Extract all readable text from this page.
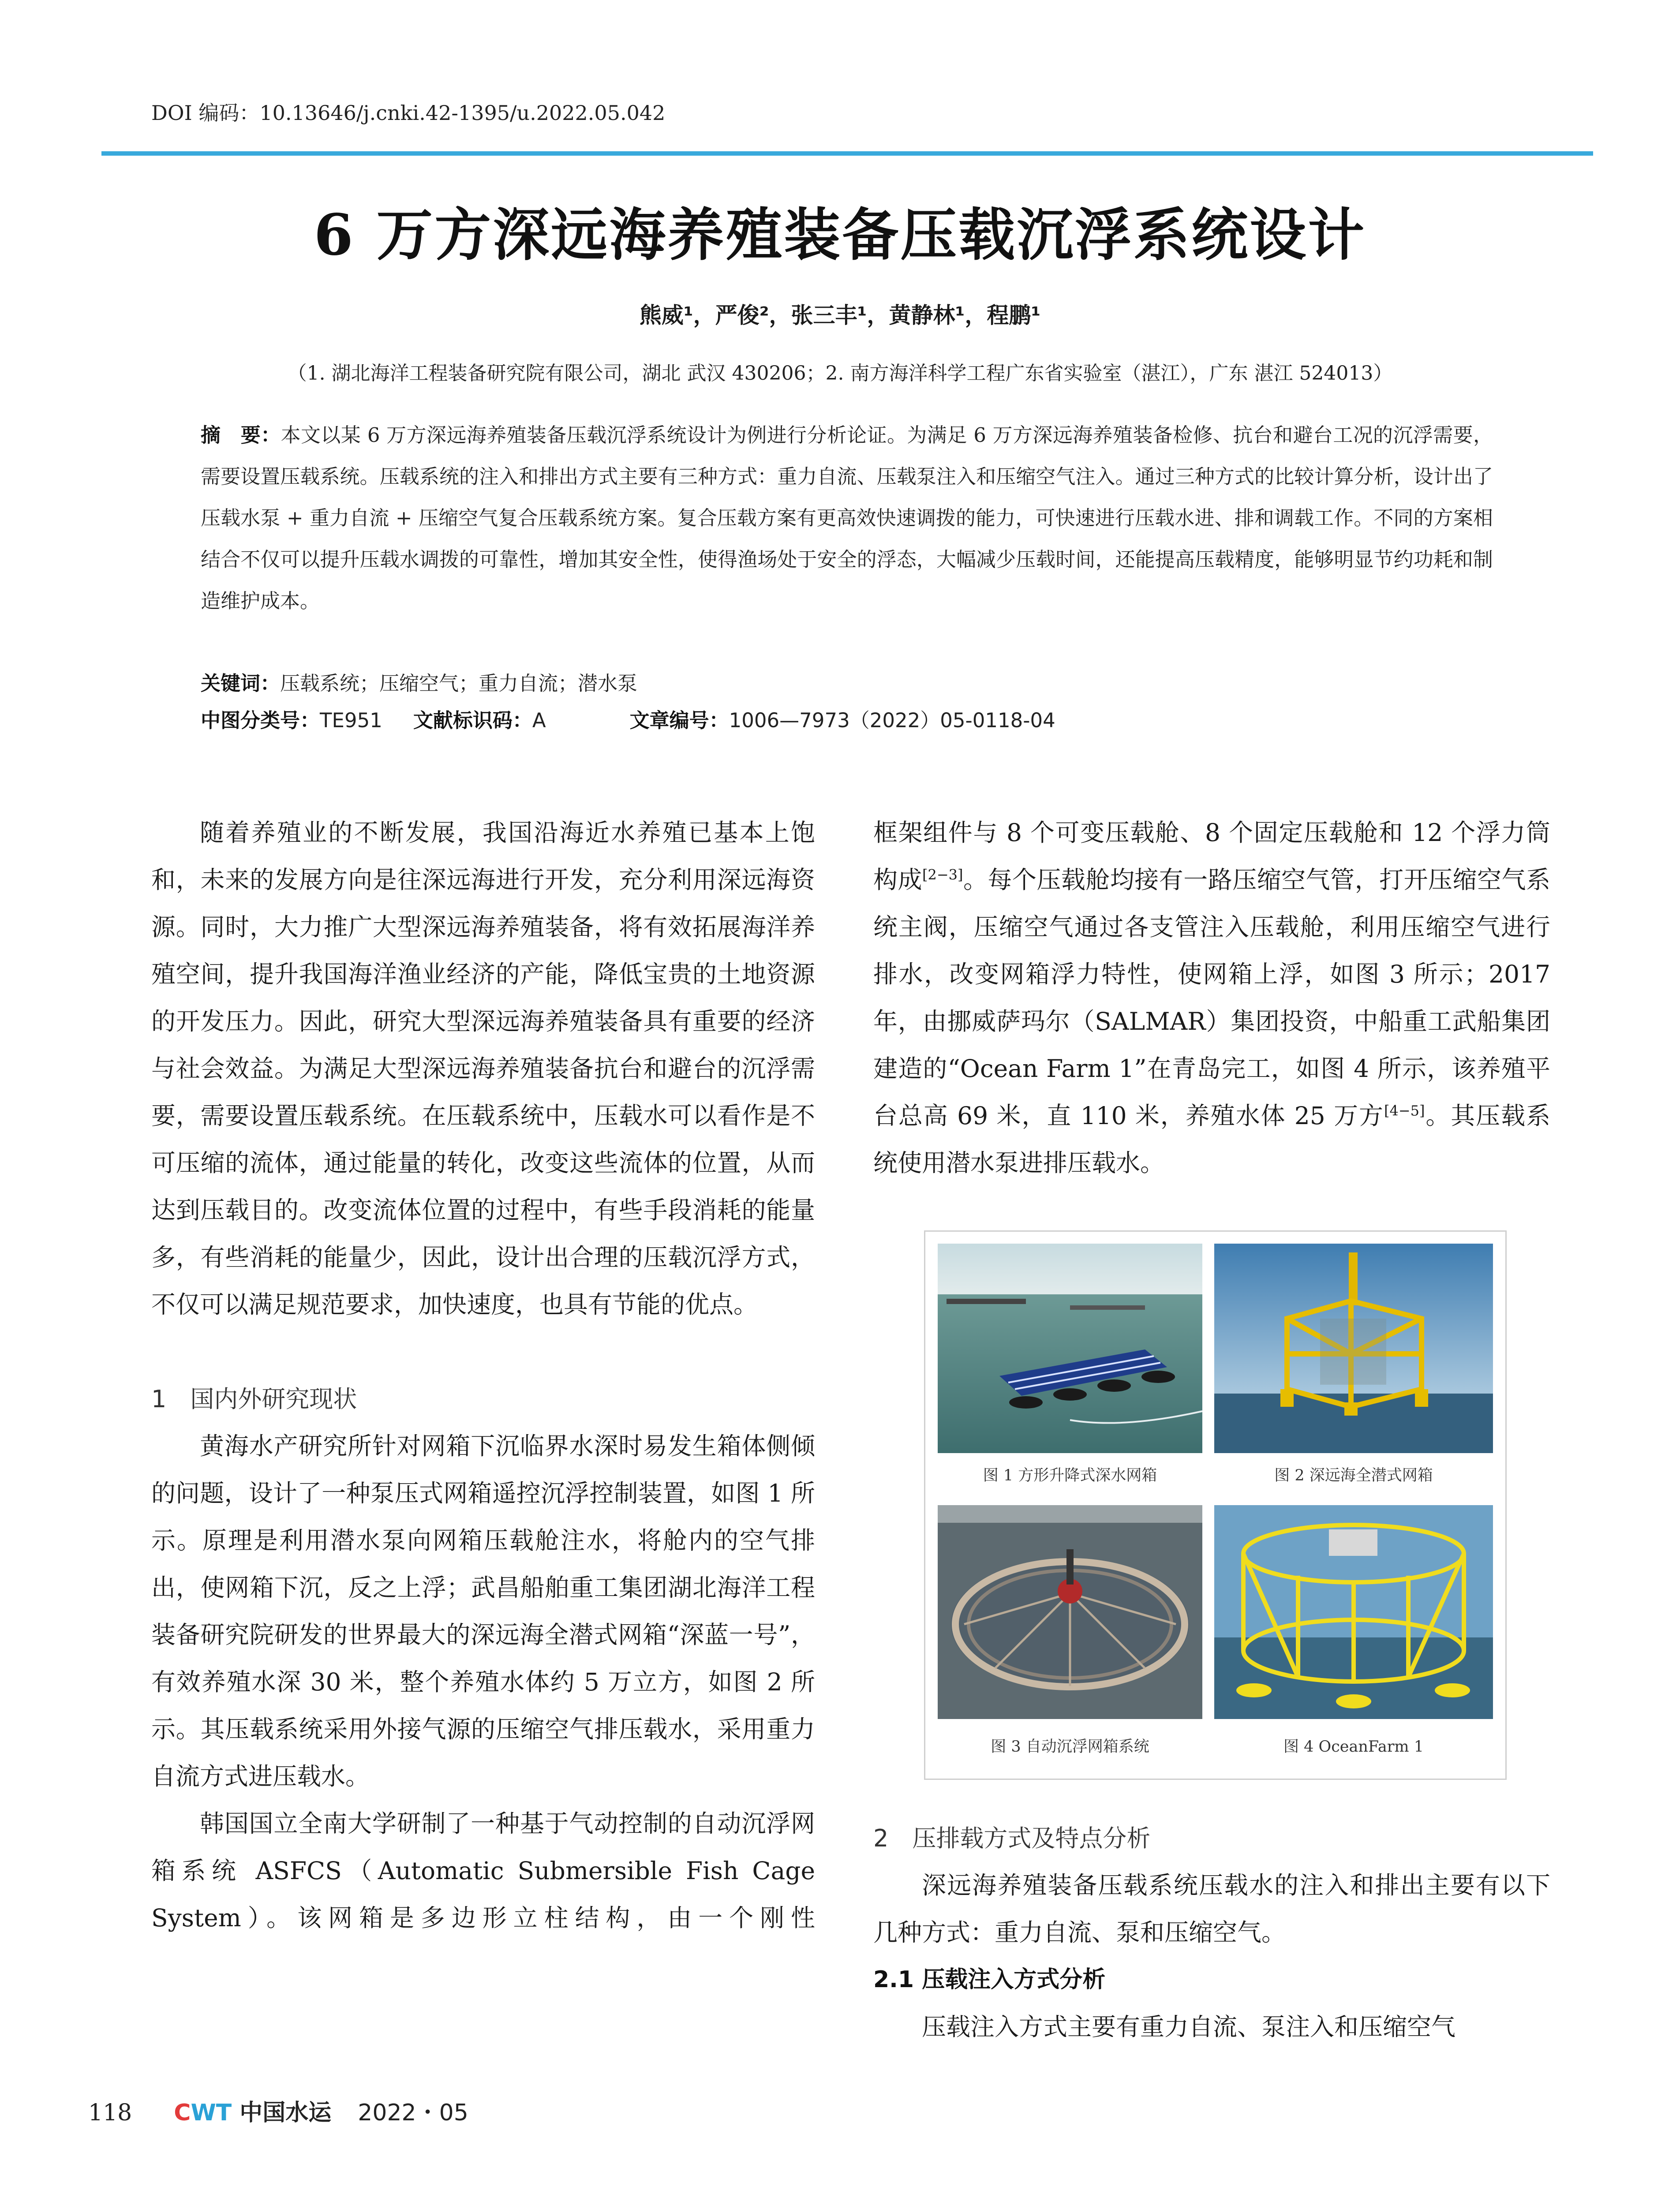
DOI 编码：10.13646/j.cnki.42-1395/u.2022.05.042
6 万方深远海养殖装备压载沉浮系统设计
熊威¹，严俊²，张三丰¹，黄静林¹，程鹏¹
（1. 湖北海洋工程装备研究院有限公司，湖北 武汉 430206；2. 南方海洋科学工程广东省实验室（湛江），广东 湛江 524013）
摘　要：本文以某 6 万方深远海养殖装备压载沉浮系统设计为例进行分析论证。为满足 6 万方深远海养殖装备检修、抗台和避台工况的沉浮需要，需要设置压载系统。压载系统的注入和排出方式主要有三种方式：重力自流、压载泵注入和压缩空气注入。通过三种方式的比较计算分析，设计出了压载水泵 + 重力自流 + 压缩空气复合压载系统方案。复合压载方案有更高效快速调拨的能力，可快速进行压载水进、排和调载工作。不同的方案相结合不仅可以提升压载水调拨的可靠性，增加其安全性，使得渔场处于安全的浮态，大幅减少压载时间，还能提高压载精度，能够明显节约功耗和制造维护成本。
关键词：压载系统；压缩空气；重力自流；潜水泵
中图分类号：TE951 文献标识码：A	文章编号：1006—7973（2022）05-0118-04

随着养殖业的不断发展，我国沿海近水养殖已基本上饱和，未来的发展方向是往深远海进行开发，充分利用深远海资源。同时，大力推广大型深远海养殖装备，将有效拓展海洋养殖空间，提升我国海洋渔业经济的产能，降低宝贵的土地资源的开发压力。因此，研究大型深远海养殖装备具有重要的经济与社会效益。为满足大型深远海养殖装备抗台和避台的沉浮需要，需要设置压载系统。在压载系统中，压载水可以看作是不可压缩的流体，通过能量的转化，改变这些流体的位置，从而达到压载目的。改变流体位置的过程中，有些手段消耗的能量多，有些消耗的能量少，因此，设计出合理的压载沉浮方式，不仅可以满足规范要求，加快速度，也具有节能的优点。

1　国内外研究现状

黄海水产研究所针对网箱下沉临界水深时易发生箱体侧倾的问题，设计了一种泵压式网箱遥控沉浮控制装置，如图 1 所示。原理是利用潜水泵向网箱压载舱注水，将舱内的空气排出，使网箱下沉，反之上浮；武昌船舶重工集团湖北海洋工程装备研究院研发的世界最大的深远海全潜式网箱“深蓝一号”，有效养殖水深 30 米，整个养殖水体约 5 万立方，如图 2 所示。其压载系统采用外接气源的压缩空气排压载水，采用重力自流方式进压载水。

韩国国立全南大学研制了一种基于气动控制的自动沉浮网箱系统 ASFCS（Automatic Submersible Fish Cage System）。该网箱是多边形立柱结构，由一个刚性

框架组件与 8 个可变压载舱、8 个固定压载舱和 12 个浮力筒构成[2−3]。每个压载舱均接有一路压缩空气管，打开压缩空气系统主阀，压缩空气通过各支管注入压载舱，利用压缩空气进行排水，改变网箱浮力特性，使网箱上浮，如图 3 所示；2017 年，由挪威萨玛尔（SALMAR）集团投资，中船重工武船集团建造的“Ocean Farm 1”在青岛完工，如图 4 所示，该养殖平台总高 69 米，直 110 米，养殖水体 25 万方[4−5]。其压载系统使用潜水泵进排压载水。

图 1 方形升降式深水网箱	图 2 深远海全潜式网箱
图 3 自动沉浮网箱系统	图 4 OceanFarm 1
2　压排载方式及特点分析

深远海养殖装备压载系统压载水的注入和排出主要有以下几种方式：重力自流、泵和压缩空气。

2.1 压载注入方式分析

压载注入方式主要有重力自流、泵注入和压缩空气

118 CWT 中国水运 2022・05
